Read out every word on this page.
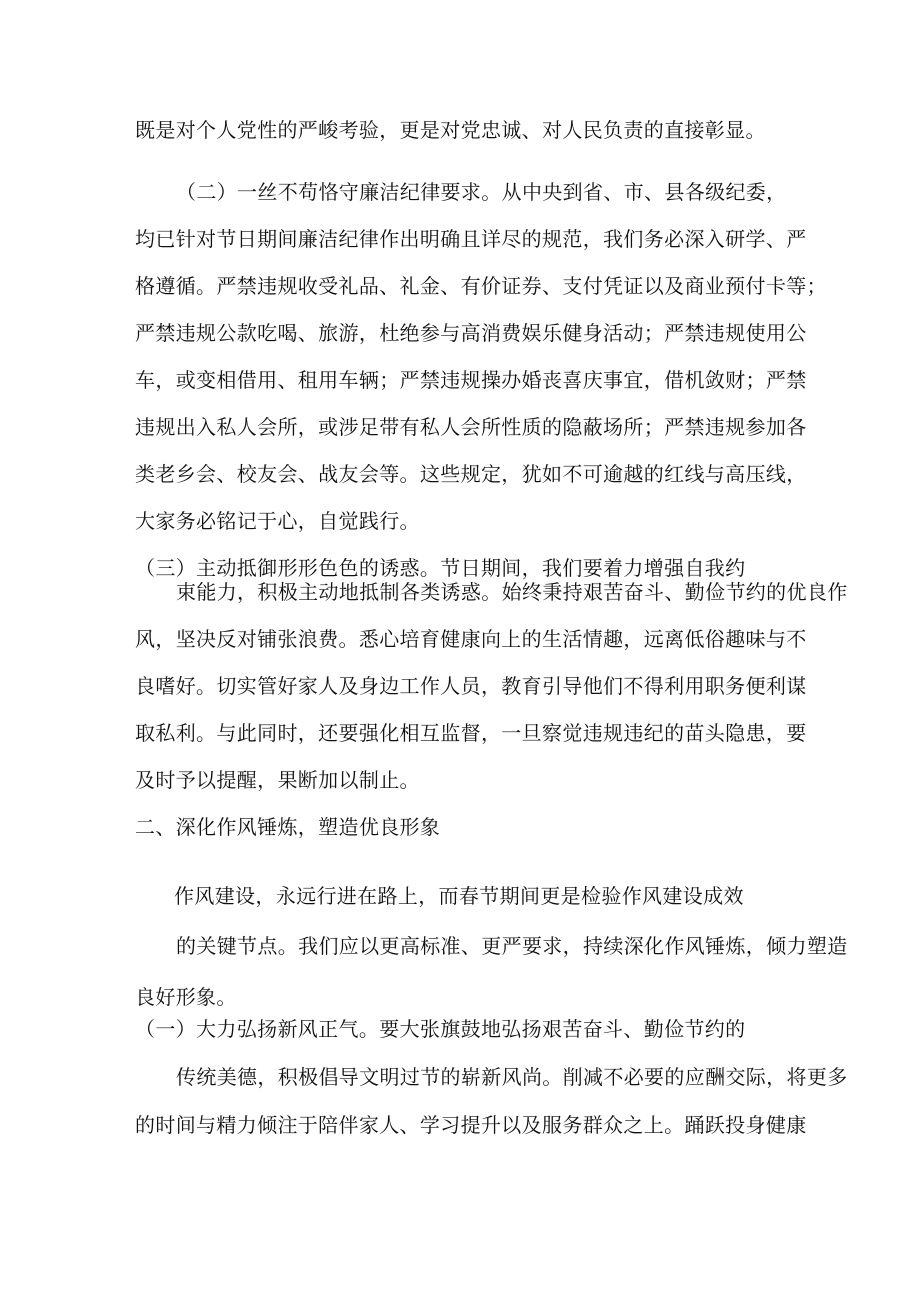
既是对个人党性的严峻考验，更是对党忠诚、对人民负责的直接彰显。
（二）一丝不苟恪守廉洁纪律要求。从中央到省、市、县各级纪委，
均已针对节日期间廉洁纪律作出明确且详尽的规范，我们务必深入研学、严
格遵循。严禁违规收受礼品、礼金、有价证券、支付凭证以及商业预付卡等；
严禁违规公款吃喝、旅游，杜绝参与高消费娱乐健身活动；严禁违规使用公
车，或变相借用、租用车辆；严禁违规操办婚丧喜庆事宜，借机敛财；严禁
违规出入私人会所，或涉足带有私人会所性质的隐蔽场所；严禁违规参加各
类老乡会、校友会、战友会等。这些规定，犹如不可逾越的红线与高压线，
大家务必铭记于心，自觉践行。
（三）主动抵御形形色色的诱惑。节日期间，我们要着力增强自我约
束能力，积极主动地抵制各类诱惑。始终秉持艰苦奋斗、勤俭节约的优良作
风，坚决反对铺张浪费。悉心培育健康向上的生活情趣，远离低俗趣味与不
良嗜好。切实管好家人及身边工作人员，教育引导他们不得利用职务便利谋
取私利。与此同时，还要强化相互监督，一旦察觉违规违纪的苗头隐患，要
及时予以提醒，果断加以制止。
二、深化作风锤炼，塑造优良形象
作风建设，永远行进在路上，而春节期间更是检验作风建设成效
的关键节点。我们应以更高标准、更严要求，持续深化作风锤炼，倾力塑造
良好形象。
（一）大力弘扬新风正气。要大张旗鼓地弘扬艰苦奋斗、勤俭节约的
传统美德，积极倡导文明过节的崭新风尚。削减不必要的应酬交际，将更多
的时间与精力倾注于陪伴家人、学习提升以及服务群众之上。踊跃投身健康
